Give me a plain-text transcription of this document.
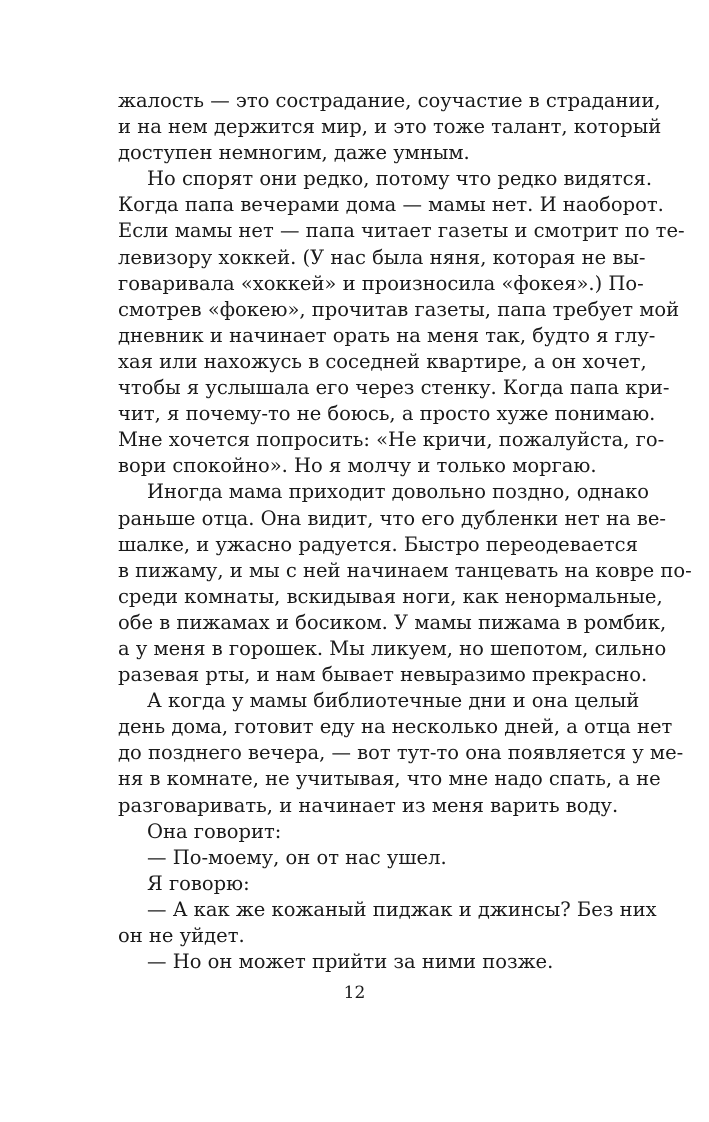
жалость — это сострадание, соучастие в страдании,
и на нем держится мир, и это тоже талант, который
доступен немногим, даже умным.
Но спорят они редко, потому что редко видятся.
Когда папа вечерами дома — мамы нет. И наоборот.
Если мамы нет — папа читает газеты и смотрит по те-
левизору хоккей. (У нас была няня, которая не вы-
говаривала «хоккей» и произносила «фокея».) По-
смотрев «фокею», прочитав газеты, папа требует мой
дневник и начинает орать на меня так, будто я глу-
хая или нахожусь в соседней квартире, а он хочет,
чтобы я услышала его через стенку. Когда папа кри-
чит, я почему-то не боюсь, а просто хуже понимаю.
Мне хочется попросить: «Не кричи, пожалуйста, го-
вори спокойно». Но я молчу и только моргаю.
Иногда мама приходит довольно поздно, однако
раньше отца. Она видит, что его дубленки нет на ве-
шалке, и ужасно радуется. Быстро переодевается
в пижаму, и мы с ней начинаем танцевать на ковре по-
среди комнаты, вскидывая ноги, как ненормальные,
обе в пижамах и босиком. У мамы пижама в ромбик,
а у меня в горошек. Мы ликуем, но шепотом, сильно
разевая рты, и нам бывает невыразимо прекрасно.
А когда у мамы библиотечные дни и она целый
день дома, готовит еду на несколько дней, а отца нет
до позднего вечера, — вот тут-то она появляется у ме-
ня в комнате, не учитывая, что мне надо спать, а не
разговаривать, и начинает из меня варить воду.
Она говорит:
— По-моему, он от нас ушел.
Я говорю:
— А как же кожаный пиджак и джинсы? Без них
он не уйдет.
— Но он может прийти за ними позже.
12
